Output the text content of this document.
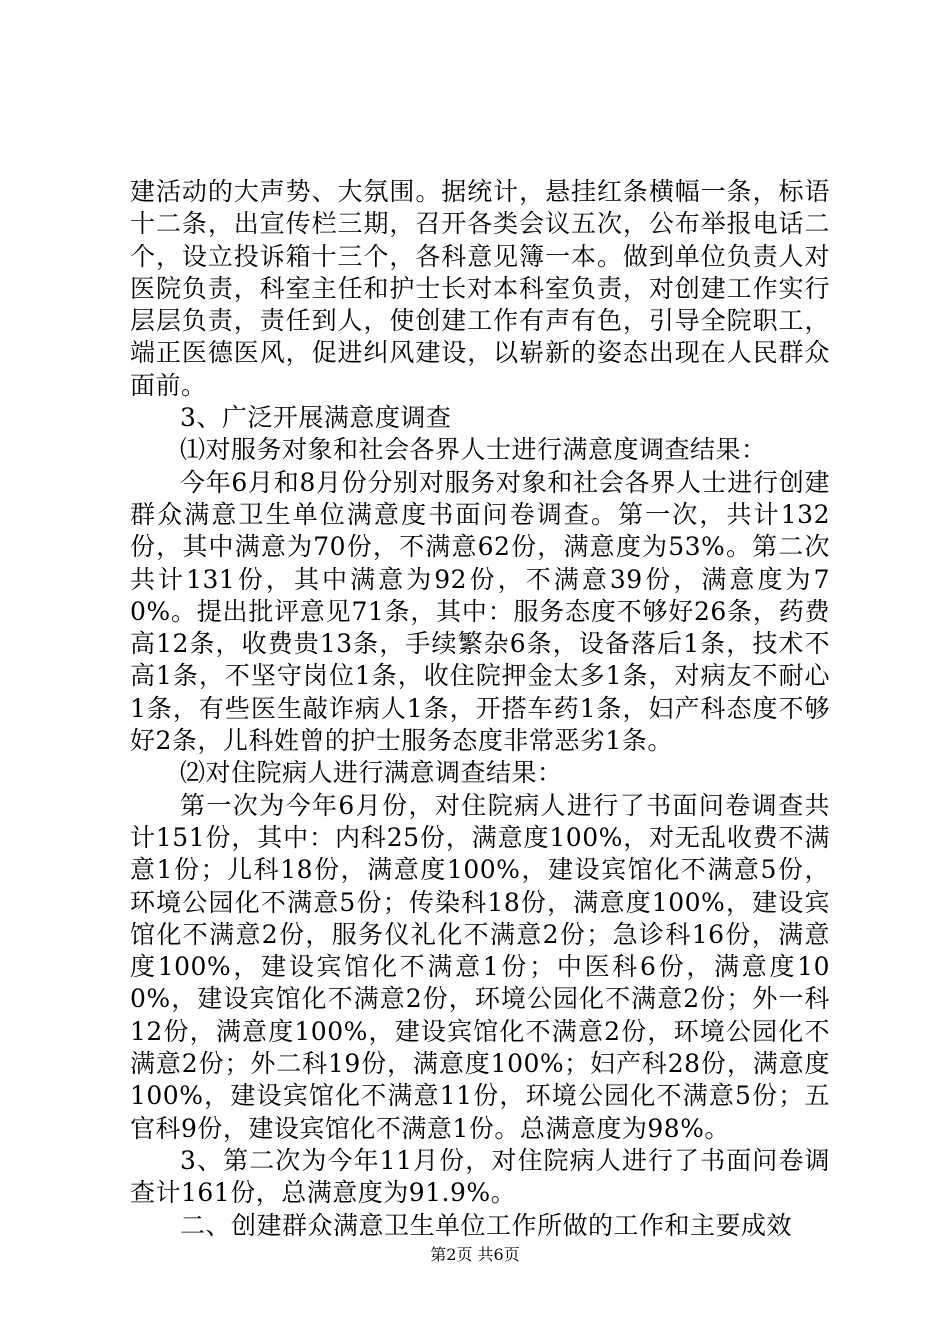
建活动的大声势、大氛围。据统计，悬挂红条横幅一条，标语十二条，出宣传栏三期，召开各类会议五次，公布举报电话二个，设立投诉箱十三个，各科意见簿一本。做到单位负责人对医院负责，科室主任和护士长对本科室负责，对创建工作实行层层负责，责任到人，使创建工作有声有色，引导全院职工，端正医德医风，促进纠风建设，以崭新的姿态出现在人民群众面前。

3、广泛开展满意度调查

⑴对服务对象和社会各界人士进行满意度调查结果：

今年6月和8月份分别对服务对象和社会各界人士进行创建群众满意卫生单位满意度书面问卷调查。第一次，共计132份，其中满意为70份，不满意62份，满意度为53%。第二次共计131份，其中满意为92份，不满意39份，满意度为70%。提出批评意见71条，其中：服务态度不够好26条，药费高12条，收费贵13条，手续繁杂6条，设备落后1条，技术不高1条，不坚守岗位1条，收住院押金太多1条，对病友不耐心1条，有些医生敲诈病人1条，开搭车药1条，妇产科态度不够好2条，儿科姓曾的护士服务态度非常恶劣1条。

⑵对住院病人进行满意调查结果：

第一次为今年6月份，对住院病人进行了书面问卷调查共计151份，其中：内科25份，满意度100%，对无乱收费不满意1份；儿科18份，满意度100%，建设宾馆化不满意5份，环境公园化不满意5份；传染科18份，满意度100%，建设宾馆化不满意2份，服务仪礼化不满意2份；急诊科16份，满意度100%，建设宾馆化不满意1份；中医科6份，满意度100%，建设宾馆化不满意2份，环境公园化不满意2份；外一科12份，满意度100%，建设宾馆化不满意2份，环境公园化不满意2份；外二科19份，满意度100%；妇产科28份，满意度100%，建设宾馆化不满意11份，环境公园化不满意5份；五官科9份，建设宾馆化不满意1份。总满意度为98%。

3、第二次为今年11月份，对住院病人进行了书面问卷调查计161份，总满意度为91.9%。

二、创建群众满意卫生单位工作所做的工作和主要成效

第2页 共6页
